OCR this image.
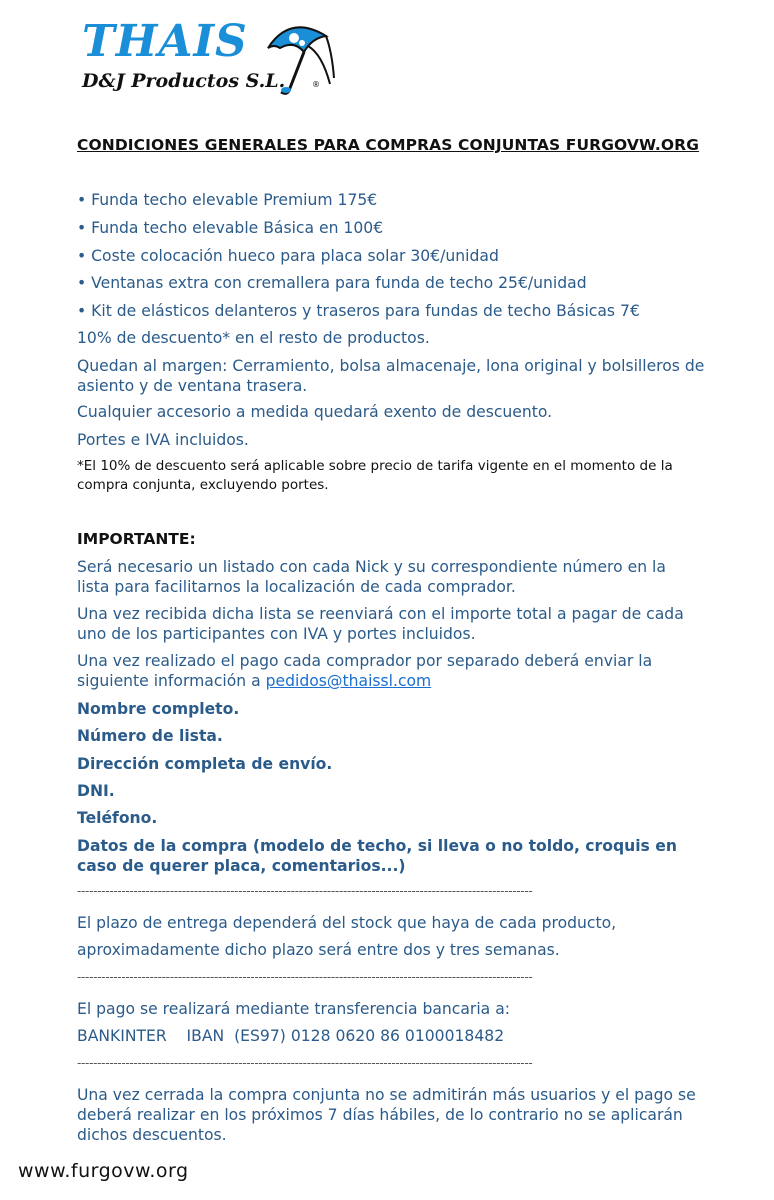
THAIS
D&J Productos S.L.	®
CONDICIONES GENERALES PARA COMPRAS CONJUNTAS FURGOVW.ORG
• Funda techo elevable Premium 175€
• Funda techo elevable Básica en 100€
• Coste colocación hueco para placa solar 30€/unidad
• Ventanas extra con cremallera para funda de techo 25€/unidad
• Kit de elásticos delanteros y traseros para fundas de techo Básicas 7€
10% de descuento* en el resto de productos.
Quedan al margen: Cerramiento, bolsa almacenaje, lona original y bolsilleros de asiento y de ventana trasera.
Cualquier accesorio a medida quedará exento de descuento.
Portes e IVA incluidos.
*El 10% de descuento será aplicable sobre precio de tarifa vigente en el momento de la compra conjunta, excluyendo portes.
IMPORTANTE:
Será necesario un listado con cada Nick y su correspondiente número en la lista para facilitarnos la localización de cada comprador.
Una vez recibida dicha lista se reenviará con el importe total a pagar de cada uno de los participantes con IVA y portes incluidos.
Una vez realizado el pago cada comprador por separado deberá enviar la siguiente información a pedidos@thaissl.com
Nombre completo.
Número de lista.
Dirección completa de envío.
DNI.
Teléfono.
Datos de la compra (modelo de techo, si lleva o no toldo, croquis en caso de querer placa, comentarios...)
-----------------------------------------------------------------------------------------------------------------
El plazo de entrega dependerá del stock que haya de cada producto,
aproximadamente dicho plazo será entre dos y tres semanas.
-----------------------------------------------------------------------------------------------------------------
El pago se realizará mediante transferencia bancaria a:
BANKINTER    IBAN  (ES97) 0128 0620 86 0100018482
-----------------------------------------------------------------------------------------------------------------
Una vez cerrada la compra conjunta no se admitirán más usuarios y el pago se deberá realizar en los próximos 7 días hábiles, de lo contrario no se aplicarán dichos descuentos.
www.furgovw.org
